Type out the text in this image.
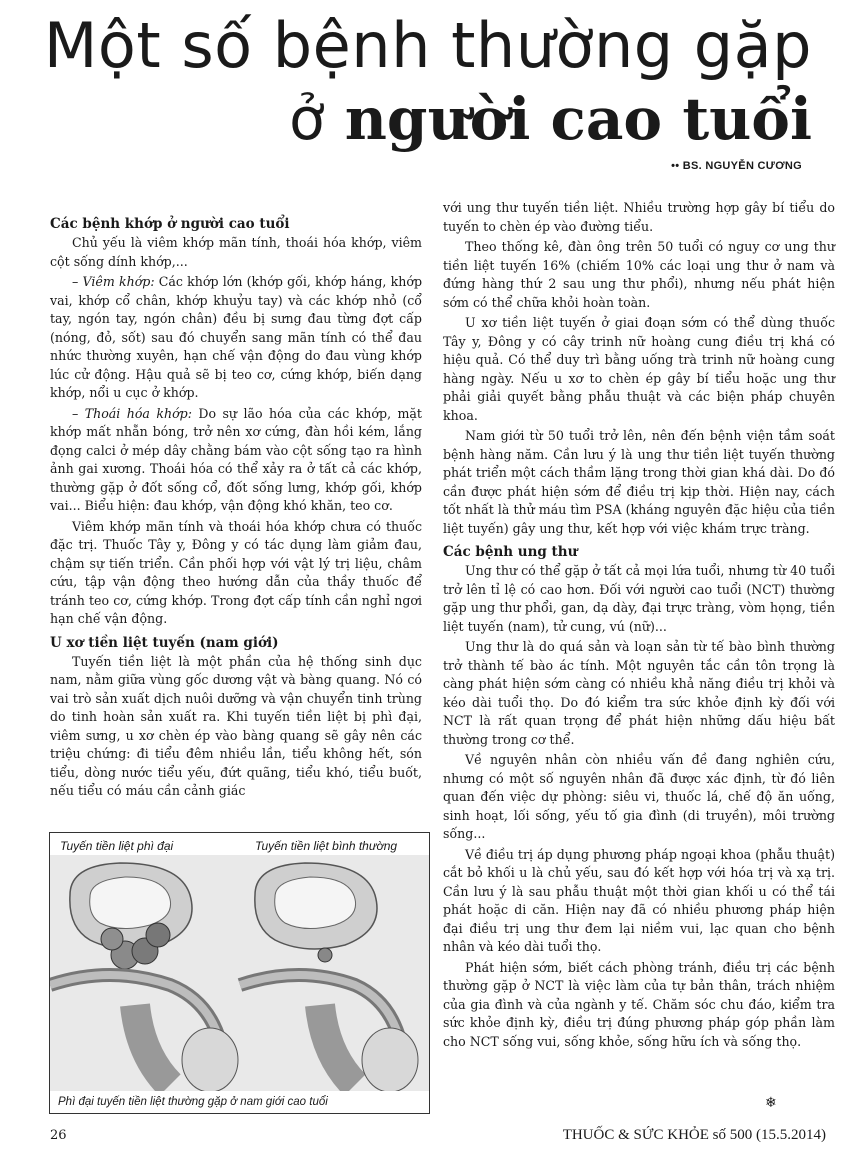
Một số bệnh thường gặp
ở người cao tuổi
•• BS. NGUYỄN CƯƠNG
Các bệnh khớp ở người cao tuổi

Chủ yếu là viêm khớp mãn tính, thoái hóa khớp, viêm cột sống dính khớp,...

– Viêm khớp: Các khớp lớn (khớp gối, khớp háng, khớp vai, khớp cổ chân, khớp khuỷu tay) và các khớp nhỏ (cổ tay, ngón tay, ngón chân) đều bị sưng đau từng đợt cấp (nóng, đỏ, sốt) sau đó chuyển sang mãn tính có thể đau nhức thường xuyên, hạn chế vận động do đau vùng khớp lúc cử động. Hậu quả sẽ bị teo cơ, cứng khớp, biến dạng khớp, nổi u cục ở khớp.

– Thoái hóa khớp: Do sự lão hóa của các khớp, mặt khớp mất nhẵn bóng, trở nên xơ cứng, đàn hồi kém, lắng đọng calci ở mép dây chằng bám vào cột sống tạo ra hình ảnh gai xương. Thoái hóa có thể xảy ra ở tất cả các khớp, thường gặp ở đốt sống cổ, đốt sống lưng, khớp gối, khớp vai... Biểu hiện: đau khớp, vận động khó khăn, teo cơ.

Viêm khớp mãn tính và thoái hóa khớp chưa có thuốc đặc trị. Thuốc Tây y, Đông y có tác dụng làm giảm đau, chậm sự tiến triển. Cần phối hợp với vật lý trị liệu, châm cứu, tập vận động theo hướng dẫn của thầy thuốc để tránh teo cơ, cứng khớp. Trong đợt cấp tính cần nghỉ ngơi hạn chế vận động.

U xơ tiền liệt tuyến (nam giới)

Tuyến tiền liệt là một phần của hệ thống sinh dục nam, nằm giữa vùng gốc dương vật và bàng quang. Nó có vai trò sản xuất dịch nuôi dưỡng và vận chuyển tinh trùng do tinh hoàn sản xuất ra. Khi tuyến tiền liệt bị phì đại, viêm sưng, u xơ chèn ép vào bàng quang sẽ gây nên các triệu chứng: đi tiểu đêm nhiều lần, tiểu không hết, són tiểu, dòng nước tiểu yếu, đứt quãng, tiểu khó, tiểu buốt, nếu tiểu có máu cần cảnh giác

Tuyến tiền liệt phì đại	Tuyến tiền liệt bình thường
Phì đại tuyến tiền liệt thường gặp ở nam giới cao tuổi

với ung thư tuyến tiền liệt. Nhiều trường hợp gây bí tiểu do tuyến to chèn ép vào đường tiểu.

Theo thống kê, đàn ông trên 50 tuổi có nguy cơ ung thư tiền liệt tuyến 16% (chiếm 10% các loại ung thư ở nam và đứng hàng thứ 2 sau ung thư phổi), nhưng nếu phát hiện sớm có thể chữa khỏi hoàn toàn.

U xơ tiền liệt tuyến ở giai đoạn sớm có thể dùng thuốc Tây y, Đông y có cây trinh nữ hoàng cung điều trị khá có hiệu quả. Có thể duy trì bằng uống trà trinh nữ hoàng cung hàng ngày. Nếu u xơ to chèn ép gây bí tiểu hoặc ung thư phải giải quyết bằng phẫu thuật và các biện pháp chuyên khoa.

Nam giới từ 50 tuổi trở lên, nên đến bệnh viện tầm soát bệnh hàng năm. Cần lưu ý là ung thư tiền liệt tuyến thường phát triển một cách thầm lặng trong thời gian khá dài. Do đó cần được phát hiện sớm để điều trị kịp thời. Hiện nay, cách tốt nhất là thử máu tìm PSA (kháng nguyên đặc hiệu của tiền liệt tuyến) gây ung thư, kết hợp với việc khám trực tràng.

Các bệnh ung thư

Ung thư có thể gặp ở tất cả mọi lứa tuổi, nhưng từ 40 tuổi trở lên tỉ lệ có cao hơn. Đối với người cao tuổi (NCT) thường gặp ung thư phổi, gan, dạ dày, đại trực tràng, vòm họng, tiền liệt tuyến (nam), tử cung, vú (nữ)...

Ung thư là do quá sản và loạn sản từ tế bào bình thường trở thành tế bào ác tính. Một nguyên tắc cần tôn trọng là càng phát hiện sớm càng có nhiều khả năng điều trị khỏi và kéo dài tuổi thọ. Do đó kiểm tra sức khỏe định kỳ đối với NCT là rất quan trọng để phát hiện những dấu hiệu bất thường trong cơ thể.

Về nguyên nhân còn nhiều vấn đề đang nghiên cứu, nhưng có một số nguyên nhân đã được xác định, từ đó liên quan đến việc dự phòng: siêu vi, thuốc lá, chế độ ăn uống, sinh hoạt, lối sống, yếu tố gia đình (di truyền), môi trường sống...

Về điều trị áp dụng phương pháp ngoại khoa (phẫu thuật) cắt bỏ khối u là chủ yếu, sau đó kết hợp với hóa trị và xạ trị. Cần lưu ý là sau phẫu thuật một thời gian khối u có thể tái phát hoặc di căn. Hiện nay đã có nhiều phương pháp hiện đại điều trị ung thư đem lại niềm vui, lạc quan cho bệnh nhân và kéo dài tuổi thọ.

Phát hiện sớm, biết cách phòng tránh, điều trị các bệnh thường gặp ở NCT là việc làm của tự bản thân, trách nhiệm của gia đình và của ngành y tế. Chăm sóc chu đáo, kiểm tra sức khỏe định kỳ, điều trị đúng phương pháp góp phần làm cho NCT sống vui, sống khỏe, sống hữu ích và sống thọ.

❄
26	THUỐC & SỨC KHỎE số 500 (15.5.2014)
